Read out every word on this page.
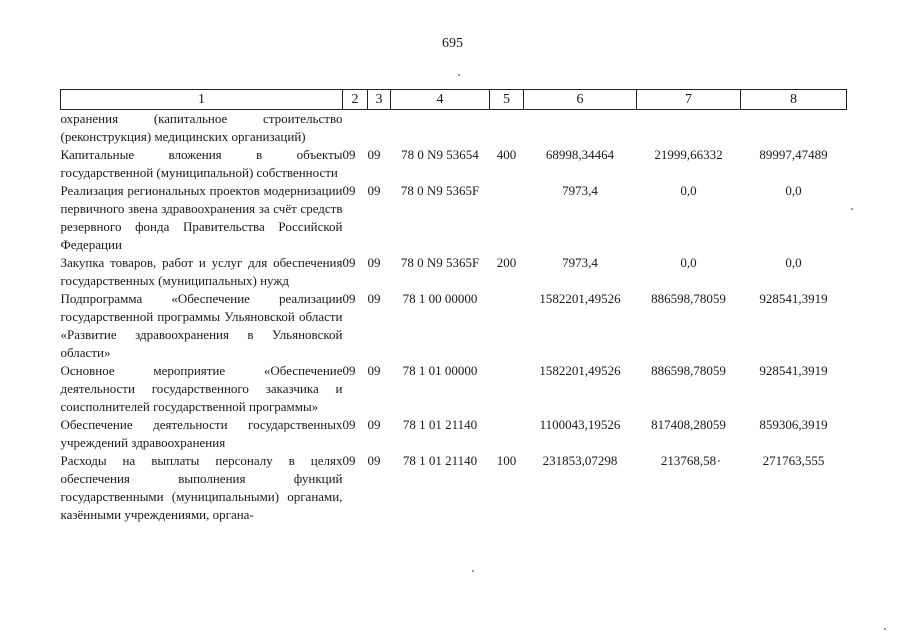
695
1	2	3	4	5	6	7	8
охранения (капитальное строительство (реконструкция) медицинских организаций)							
Капитальные вложения в объекты государственной (муниципальной) собственности	09	09	78 0 N9 53654	400	68998,34464	21999,66332	89997,47489
Реализация региональных проектов модернизации первичного звена здравоохранения за счёт средств резервного фонда Правительства Российской Федерации	09	09	78 0 N9 5365F		7973,4	0,0	0,0
Закупка товаров, работ и услуг для обеспечения государственных (муниципальных) нужд	09	09	78 0 N9 5365F	200	7973,4	0,0	0,0
Подпрограмма «Обеспечение реализации государственной программы Ульяновской области «Развитие здравоохранения в Ульяновской области»	09	09	78 1 00 00000		1582201,49526	886598,78059	928541,3919
Основное мероприятие «Обеспечение деятельности государственного заказчика и соисполнителей государственной программы»	09	09	78 1 01 00000		1582201,49526	886598,78059	928541,3919
Обеспечение деятельности государственных учреждений здравоохранения	09	09	78 1 01 21140		1100043,19526	817408,28059	859306,3919
Расходы на выплаты персоналу в целях обеспечения выполнения функций государственными (муниципальными) органами, казёнными учреждениями, органа-	09	09	78 1 01 21140	100	231853,07298	213768,58	271763,555
